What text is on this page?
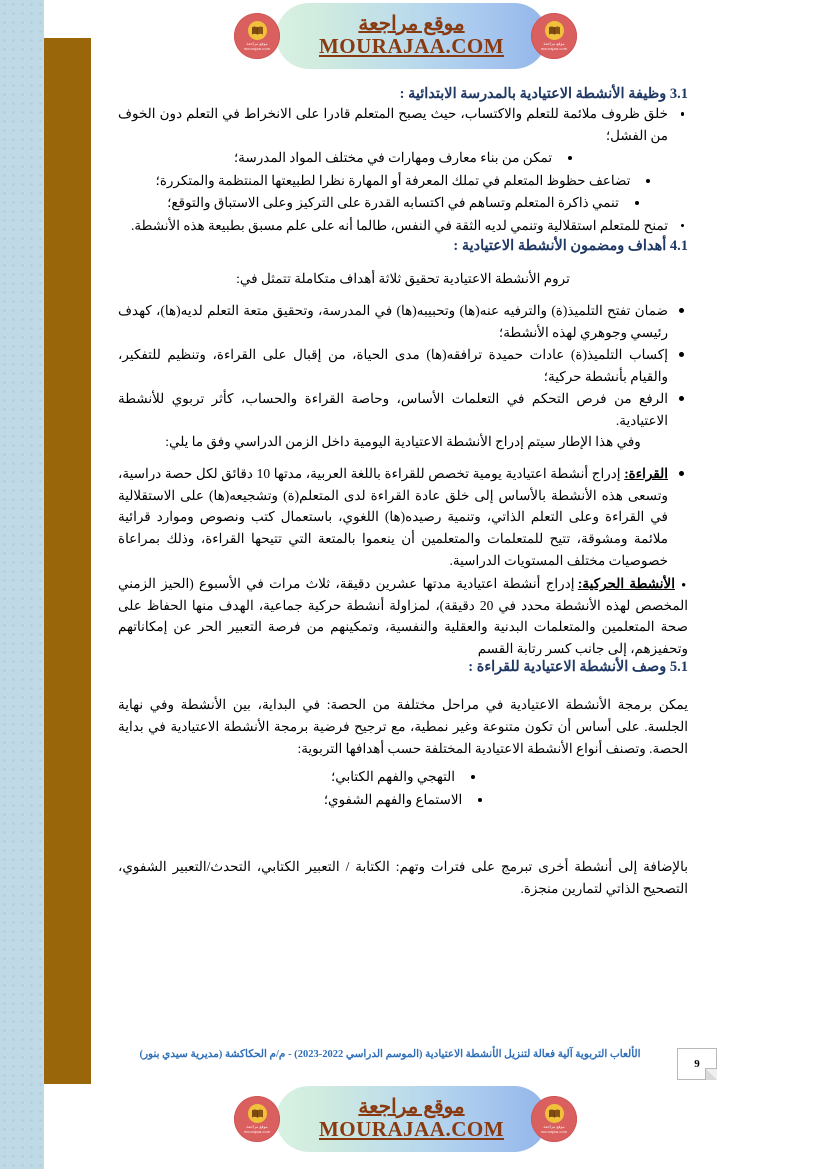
موقع مراجعة
MOURAJAA.COM	موقع مراجعة mourajaa.com
موقع مراجعة mourajaa.com
3.1 وظيفة الأنشطة الاعتيادية بالمدرسة الابتدائية :
خلق ظروف ملائمة للتعلم والاكتساب، حيث يصبح المتعلم قادرا على الانخراط في التعلم دون الخوف من الفشل؛
تمكن من بناء معارف ومهارات في مختلف المواد المدرسة؛
تضاعف حظوظ المتعلم في تملك المعرفة أو المهارة نظرا لطبيعتها المنتظمة والمتكررة؛
تنمي ذاكرة المتعلم وتساهم في اكتسابه القدرة على التركيز وعلى الاستباق والتوقع؛
تمنح للمتعلم استقلالية وتنمي لديه الثقة في النفس، طالما أنه على علم مسبق بطبيعة هذه الأنشطة.
4.1 أهداف ومضمون الأنشطة الاعتيادية :

تروم الأنشطة الاعتيادية تحقيق ثلاثة أهداف متكاملة تتمثل في:

ضمان تفتح التلميذ(ة) والترفيه عنه(ها) وتحبيبه(ها) في المدرسة، وتحقيق متعة التعلم لديه(ها)، كهدف رئيسي وجوهري لهذه الأنشطة؛
إكساب التلميذ(ة) عادات حميدة ترافقه(ها) مدى الحياة، من إقبال على القراءة، وتنظيم للتفكير، والقيام بأنشطة حركية؛
الرفع من فرص التحكم في التعلمات الأساس، وحاصة القراءة والحساب، كأثر تربوي للأنشطة الاعتيادية.

وفي هذا الإطار سيتم إدراج الأنشطة الاعتيادية اليومية داخل الزمن الدراسي وفق ما يلي:

القراءة: إدراج أنشطة اعتيادية يومية تخصص للقراءة باللغة العربية، مدتها 10 دقائق لكل حصة دراسية، وتسعى هذه الأنشطة بالأساس إلى خلق عادة القراءة لدى المتعلم(ة) وتشجيعه(ها) على الاستقلالية في القراءة وعلى التعلم الذاتي، وتنمية رصيده(ها) اللغوي، باستعمال كتب ونصوص وموارد قرائية ملائمة ومشوقة، تتيح للمتعلمات والمتعلمين أن ينعموا بالمتعة التي تتيحها القراءة، وذلك بمراعاة خصوصيات مختلف المستويات الدراسية.
● الأنشطة الحركية: إدراج أنشطة اعتيادية مدتها عشرين دقيقة، ثلاث مرات في الأسبوع (الحيز الزمني المخصص لهذه الأنشطة محدد في 20 دقيقة)، لمزاولة أنشطة حركية جماعية، الهدف منها الحفاظ على صحة المتعلمين والمتعلمات البدنية والعقلية والنفسية، وتمكينهم من فرصة التعبير الحر عن إمكاناتهم وتحفيزهم، إلى جانب كسر رتابة القسم
5.1 وصف الأنشطة الاعتيادية للقراءة :

يمكن برمجة الأنشطة الاعتيادية في مراحل مختلفة من الحصة: في البداية، بين الأنشطة وفي نهاية الجلسة. على أساس أن تكون متنوعة وغير نمطية، مع ترجيح فرضية برمجة الأنشطة الاعتيادية في بداية الحصة. وتصنف أنواع الأنشطة الاعتيادية المختلفة حسب أهدافها التربوية:

التهجي والفهم الكتابي؛
الاستماع والفهم الشفوي؛

بالإضافة إلى أنشطة أخرى تبرمج على فترات وتهم: الكتابة / التعبير الكتابي، التحدث/التعبير الشفوي، التصحيح الذاتي لتمارين منجزة.

الألعاب التربوية آلية فعالة لتنزيل الأنشطة الاعتيادية (الموسم الدراسي 2022-2023) - م/م الحكاكشة (مديرية سيدي بنور)
9
موقع مراجعة
MOURAJAA.COM	موقع مراجعة mourajaa.com
موقع مراجعة mourajaa.com
